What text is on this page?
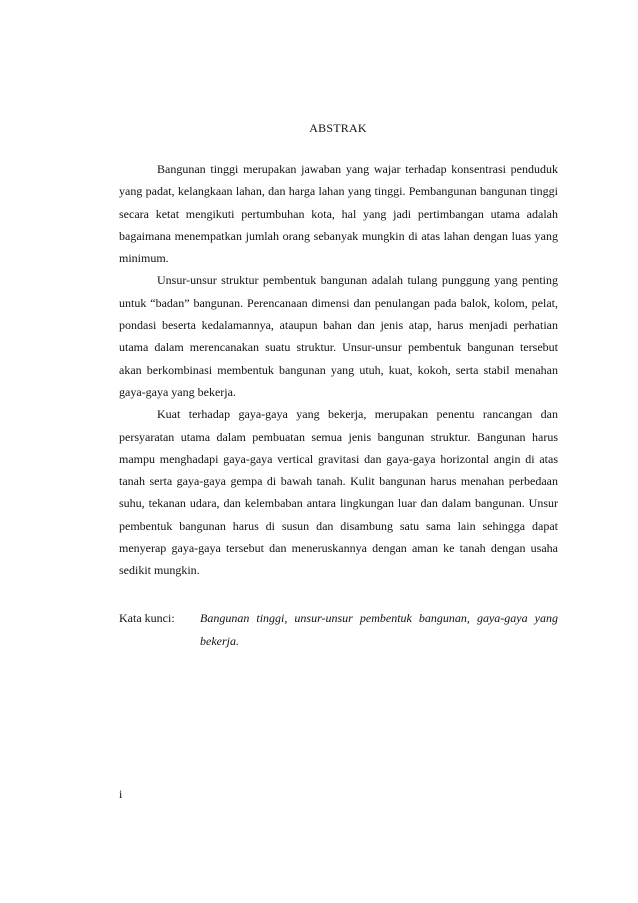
ABSTRAK

Bangunan tinggi merupakan jawaban yang wajar terhadap konsentrasi penduduk yang padat, kelangkaan lahan, dan harga lahan yang tinggi. Pembangunan bangunan tinggi secara ketat mengikuti pertumbuhan kota, hal yang jadi pertimbangan utama adalah bagaimana menempatkan jumlah orang sebanyak mungkin di atas lahan dengan luas yang minimum.

Unsur-unsur struktur pembentuk bangunan adalah tulang punggung yang penting untuk “badan” bangunan. Perencanaan dimensi dan penulangan pada balok, kolom, pelat, pondasi beserta kedalamannya, ataupun bahan dan jenis atap, harus menjadi perhatian utama dalam merencanakan suatu struktur. Unsur-unsur pembentuk bangunan tersebut akan berkombinasi membentuk bangunan yang utuh, kuat, kokoh, serta stabil menahan gaya-gaya yang bekerja.

Kuat terhadap gaya-gaya yang bekerja, merupakan penentu rancangan dan persyaratan utama dalam pembuatan semua jenis bangunan struktur. Bangunan harus mampu menghadapi gaya-gaya vertical gravitasi dan gaya-gaya horizontal angin di atas tanah serta gaya-gaya gempa di bawah tanah. Kulit bangunan harus menahan perbedaan suhu, tekanan udara, dan kelembaban antara lingkungan luar dan dalam bangunan. Unsur pembentuk bangunan harus di susun dan disambung satu sama lain sehingga dapat menyerap gaya-gaya tersebut dan meneruskannya dengan aman ke tanah dengan usaha sedikit mungkin.

Kata kunci: Bangunan tinggi, unsur-unsur pembentuk bangunan, gaya-gaya yang bekerja.
i
